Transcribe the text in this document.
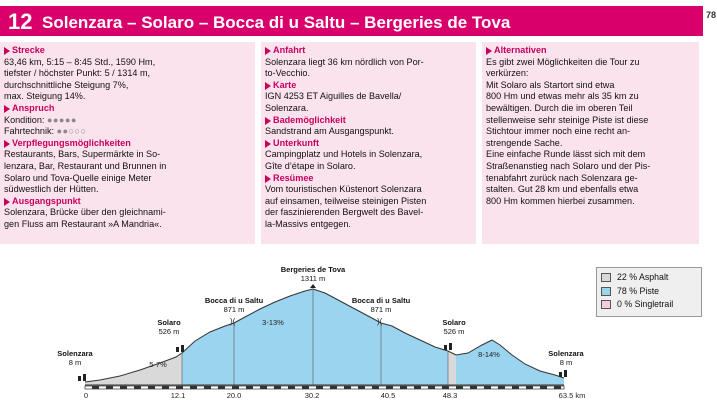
12 Solenzara – Solaro – Bocca di u Saltu – Bergeries de Tova	78
Strecke
63,46 km, 5:15 – 8:45 Std., 1590 Hm,
tiefster / höchster Punkt: 5 / 1314 m,
durchschnittliche Steigung 7%,
max. Steigung 14%.
Anspruch
Kondition: ●●●●●
Fahrtechnik: ●●○○○
Verpflegungsmöglichkeiten
Restaurants, Bars, Supermärkte in So-
lenzara, Bar, Restaurant und Brunnen in
Solaro und Tova-Quelle einige Meter
südwestlich der Hütten.
Ausgangspunkt
Solenzara, Brücke über den gleichnami-
gen Fluss am Restaurant »A Mandria«.
Anfahrt
Solenzara liegt 36 km nördlich von Por-
to-Vecchio.
Karte
IGN 4253 ET Aiguilles de Bavella/
Solenzara.
Bademöglichkeit
Sandstrand am Ausgangspunkt.
Unterkunft
Campingplatz und Hotels in Solenzara,
Gîte d’étape in Solaro.
Resümee
Vom touristischen Küstenort Solenzara
auf einsamen, teilweise steinigen Pisten
der faszinierenden Bergwelt des Bavel-
la-Massivs entgegen.
Alternativen
Es gibt zwei Möglichkeiten die Tour zu
verkürzen:
Mit Solaro als Startort sind etwa
800 Hm und etwas mehr als 35 km zu
bewältigen. Durch die im oberen Teil
stellenweise sehr steinige Piste ist diese
Stichtour immer noch eine recht an-
strengende Sache.
Eine einfache Runde lässt sich mit dem
Straßenanstieg nach Solaro und der Pis-
tenabfahrt zurück nach Solenzara ge-
stalten. Gut 28 km und ebenfalls etwa
800 Hm kommen hierbei zusammen.
)(	)(
Solenzara
8 m
Solaro
526 m
Bocca di u Saltu
871 m
Bergeries de Tova
1311 m
Bocca di u Saltu
871 m
Solaro
526 m
Solenzara
8 m
5-7%
3-13%
8-14%
0	12.1	20.0	30.2	40.5	48.3	63.5 km
22 % Asphalt
78 % Piste
0 % Singletrail
